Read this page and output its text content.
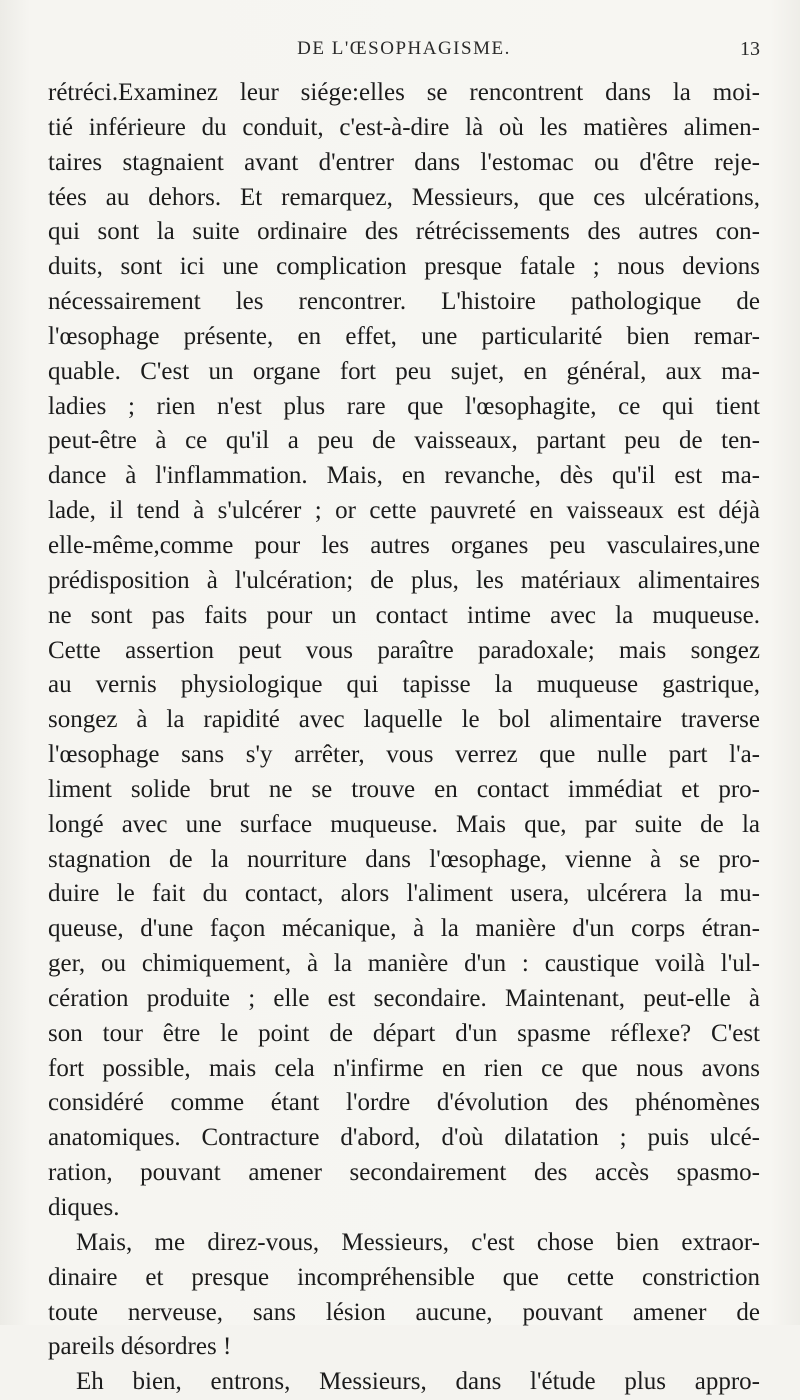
DE L'ŒSOPHAGISME.	13
rétréci.Examinez leur siége:elles se rencontrent dans la moi-
tié inférieure du conduit, c'est-à-dire là où les matières alimen-
taires stagnaient avant d'entrer dans l'estomac ou d'être reje-
tées au dehors. Et remarquez, Messieurs, que ces ulcérations,
qui sont la suite ordinaire des rétrécissements des autres con-
duits, sont ici une complication presque fatale ; nous devions
nécessairement les rencontrer. L'histoire pathologique de
l'œsophage présente, en effet, une particularité bien remar-
quable. C'est un organe fort peu sujet, en général, aux ma-
ladies ; rien n'est plus rare que l'œsophagite, ce qui tient
peut-être à ce qu'il a peu de vaisseaux, partant peu de ten-
dance à l'inflammation. Mais, en revanche, dès qu'il est ma-
lade, il tend à s'ulcérer ; or cette pauvreté en vaisseaux est déjà
elle-même,comme pour les autres organes peu vasculaires,une
prédisposition à l'ulcération; de plus, les matériaux alimentaires
ne sont pas faits pour un contact intime avec la muqueuse.
Cette assertion peut vous paraître paradoxale; mais songez
au vernis physiologique qui tapisse la muqueuse gastrique,
songez à la rapidité avec laquelle le bol alimentaire traverse
l'œsophage sans s'y arrêter, vous verrez que nulle part l'a-
liment solide brut ne se trouve en contact immédiat et pro-
longé avec une surface muqueuse. Mais que, par suite de la
stagnation de la nourriture dans l'œsophage, vienne à se pro-
duire le fait du contact, alors l'aliment usera, ulcérera la mu-
queuse, d'une façon mécanique, à la manière d'un corps étran-
ger, ou chimiquement, à la manière d'un : caustique voilà l'ul-
cération produite ; elle est secondaire. Maintenant, peut-elle à
son tour être le point de départ d'un spasme réflexe? C'est
fort possible, mais cela n'infirme en rien ce que nous avons
considéré comme étant l'ordre d'évolution des phénomènes
anatomiques. Contracture d'abord, d'où dilatation ; puis ulcé-
ration, pouvant amener secondairement des accès spasmo-
diques.
Mais, me direz-vous, Messieurs, c'est chose bien extraor-
dinaire et presque incompréhensible que cette constriction
toute nerveuse, sans lésion aucune, pouvant amener de
pareils désordres !
Eh bien, entrons, Messieurs, dans l'étude plus appro-
